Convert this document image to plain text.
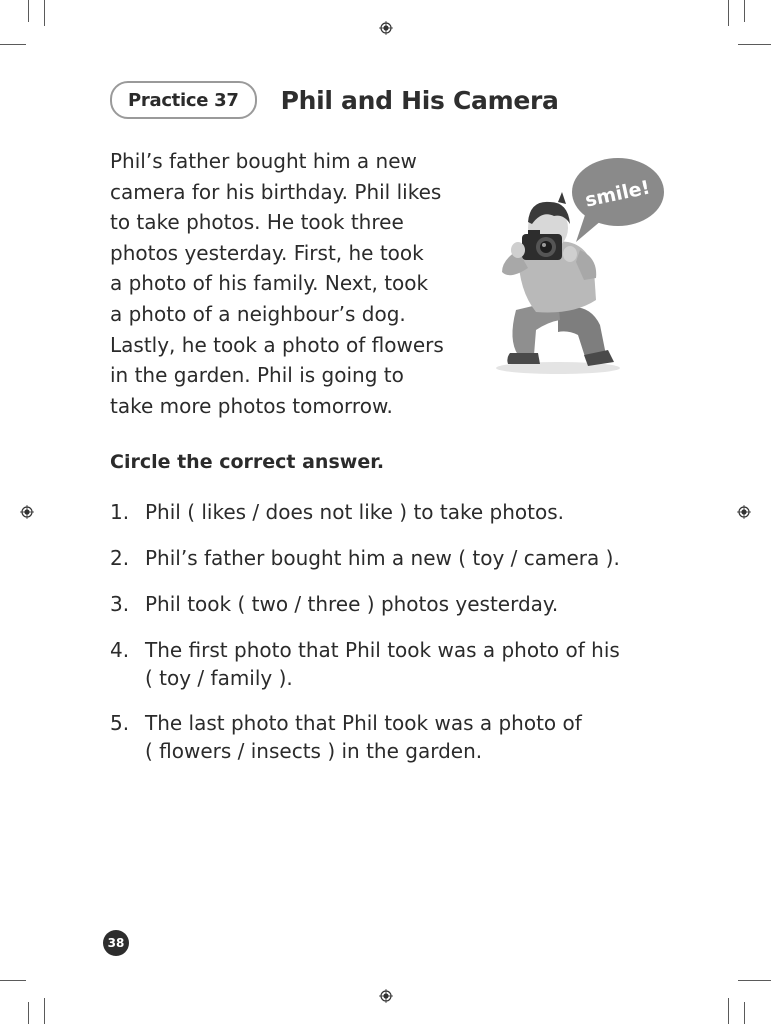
Practice 37	Phil and His Camera
Phil’s father bought him a new
camera for his birthday. Phil likes
to take photos. He took three
photos yesterday. First, he took
a photo of his family. Next, took
a photo of a neighbour’s dog.
Lastly, he took a photo of flowers
in the garden. Phil is going to
take more photos tomorrow.
smile!
Circle the correct answer.
1. Phil ( likes / does not like ) to take photos.
2. Phil’s father bought him a new ( toy / camera ).
3. Phil took ( two / three ) photos yesterday.
4. The first photo that Phil took was a photo of his
( toy / family ).
5. The last photo that Phil took was a photo of
( flowers / insects ) in the garden.
38
